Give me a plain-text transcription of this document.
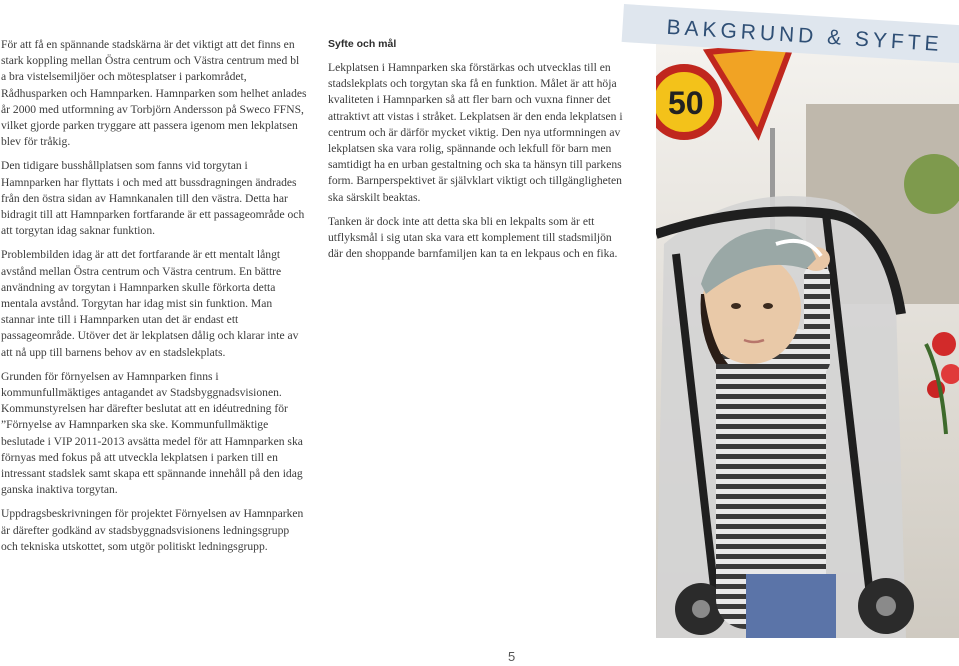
För att få en spännande stadskärna är det viktigt att det finns en stark koppling mellan Östra centrum och Västra centrum med bl a bra vistelsemiljöer och mötesplatser i parkområdet, Rådhusparken och Hamnparken. Hamnparken som helhet anlades år 2000 med utformning av Torbjörn Andersson på Sweco FFNS, vilket gjorde parken tryggare att passera igenom men lekplatsen blev för tråkig.

Den tidigare busshållplatsen som fanns vid torgytan i Hamnparken har flyttats i och med att bussdragningen ändrades från den östra sidan av Hamnkanalen till den västra. Detta har bidragit till att Hamnparken fortfarande är ett passageområde och att torgytan idag saknar funktion.

Problembilden idag är att det fortfarande är ett mentalt långt avstånd mellan Östra centrum och Västra centrum. En bättre användning av torgytan i Hamnparken skulle förkorta detta mentala avstånd. Torgytan har idag mist sin funktion. Man stannar inte till i Hamnparken utan det är endast ett passageområde. Utöver det är lekplatsen dålig och klarar inte av att nå upp till barnens behov av en stadslekplats.

Grunden för förnyelsen av Hamnparken finns i kommunfullmäktiges antagandet av Stadsbyggnadsvisionen. Kommunstyrelsen har därefter beslutat att en idéutredning för ”Förnyelse av Hamnparken ska ske. Kommunfullmäktige beslutade i VIP 2011-2013 avsätta medel för att Hamnparken ska förnyas med fokus på att utveckla lekplatsen i parken till en intressant stadslek samt skapa ett spännande innehåll på den idag ganska inaktiva torgytan.

Uppdragsbeskrivningen för projektet Förnyelsen av Hamnparken är därefter godkänd av stadsbyggnadsvisionens ledningsgrupp och tekniska utskottet, som utgör politiskt ledningsgrupp.

Syfte och mål

Lekplatsen i Hamnparken ska förstärkas och utvecklas till en stadslekplats och torgytan ska få en funktion. Målet är att höja kvaliteten i Hamnparken så att fler barn och vuxna finner det attraktivt att vistas i stråket. Lekplatsen är den enda lekplatsen i centrum och är därför mycket viktig. Den nya utformningen av lekplatsen ska vara rolig, spännande och lekfull för barn men samtidigt ha en urban gestaltning och ska ta hänsyn till parkens form. Barnperspektivet är självklart viktigt och tillgängligheten ska särskilt beaktas.

Tanken är dock inte att detta ska bli en lekpalts som är ett utflyksmål i sig utan ska vara ett komplement till stadsmiljön där den shoppande barnfamiljen kan ta en lekpaus och en fika.

50
BAKGRUND & SYFTE
5
